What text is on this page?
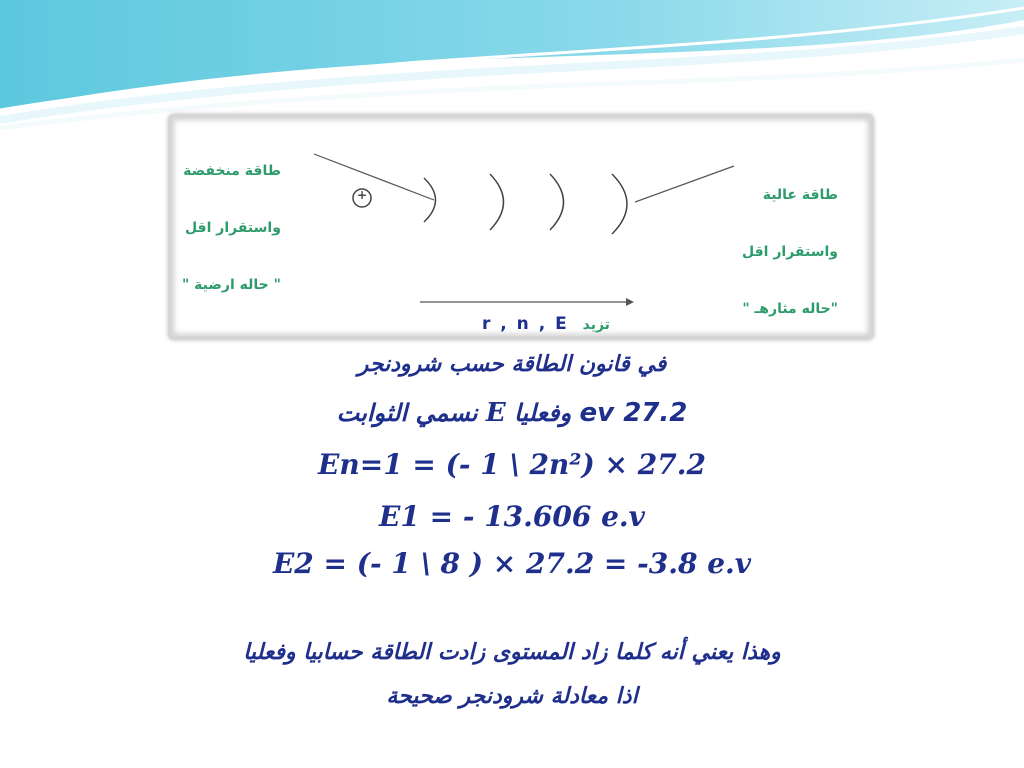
+

طاقة منخفضة

واستقرار اقل

" حاله ارضية "

طاقة عالية

واستقرار اقل

"حاله مثارهـ "

r , n , E تزيد
في قانون الطاقة حسب شرودنجر
27.2 ev وفعليا E نسمي الثوابت
En=1 = (- 1 \ 2n²) × 27.2
E1 = - 13.606 e.v
E2 = (- 1 \ 8 ) × 27.2 = -3.8 e.v
وهذا يعني أنه كلما زاد المستوى زادت الطاقة حسابيا وفعليا
اذا معادلة شرودنجر صحيحة
